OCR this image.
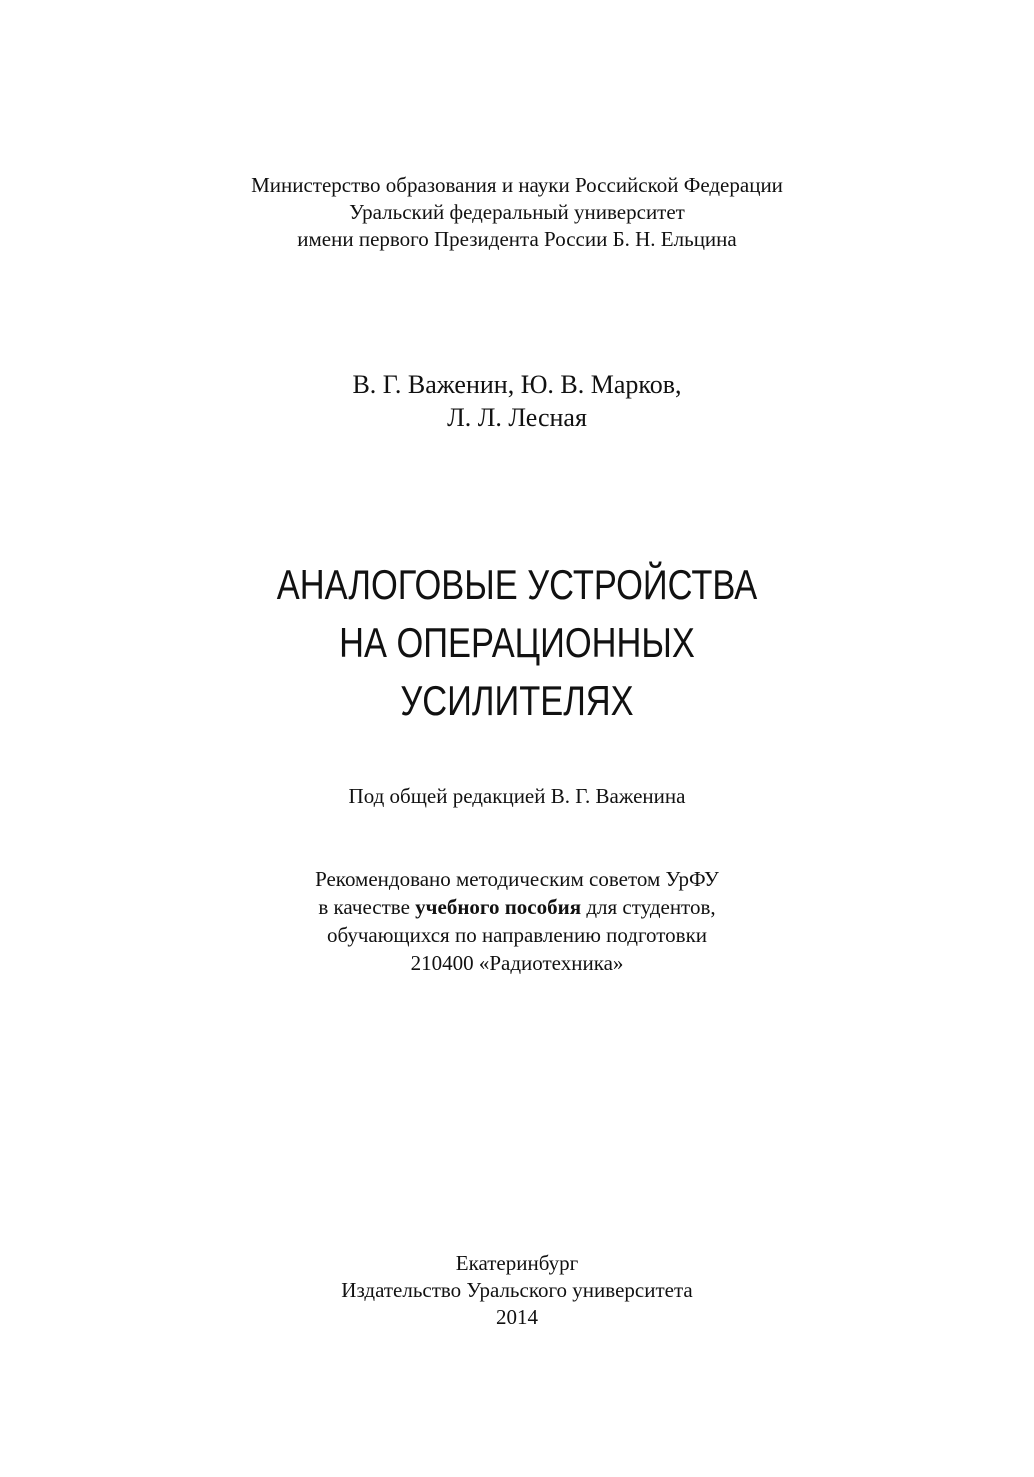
Министерство образования и науки Российской Федерации
Уральский федеральный университет
имени первого Президента России Б. Н. Ельцина
В. Г. Важенин, Ю. В. Марков,
Л. Л. Лесная
АНАЛОГОВЫЕ УСТРОЙСТВА
НА ОПЕРАЦИОННЫХ
УСИЛИТЕЛЯХ
Под общей редакцией В. Г. Важенина
Рекомендовано методическим советом УрФУ
в качестве учебного пособия для студентов,
обучающихся по направлению подготовки
210400 «Радиотехника»
Екатеринбург
Издательство Уральского университета
2014
